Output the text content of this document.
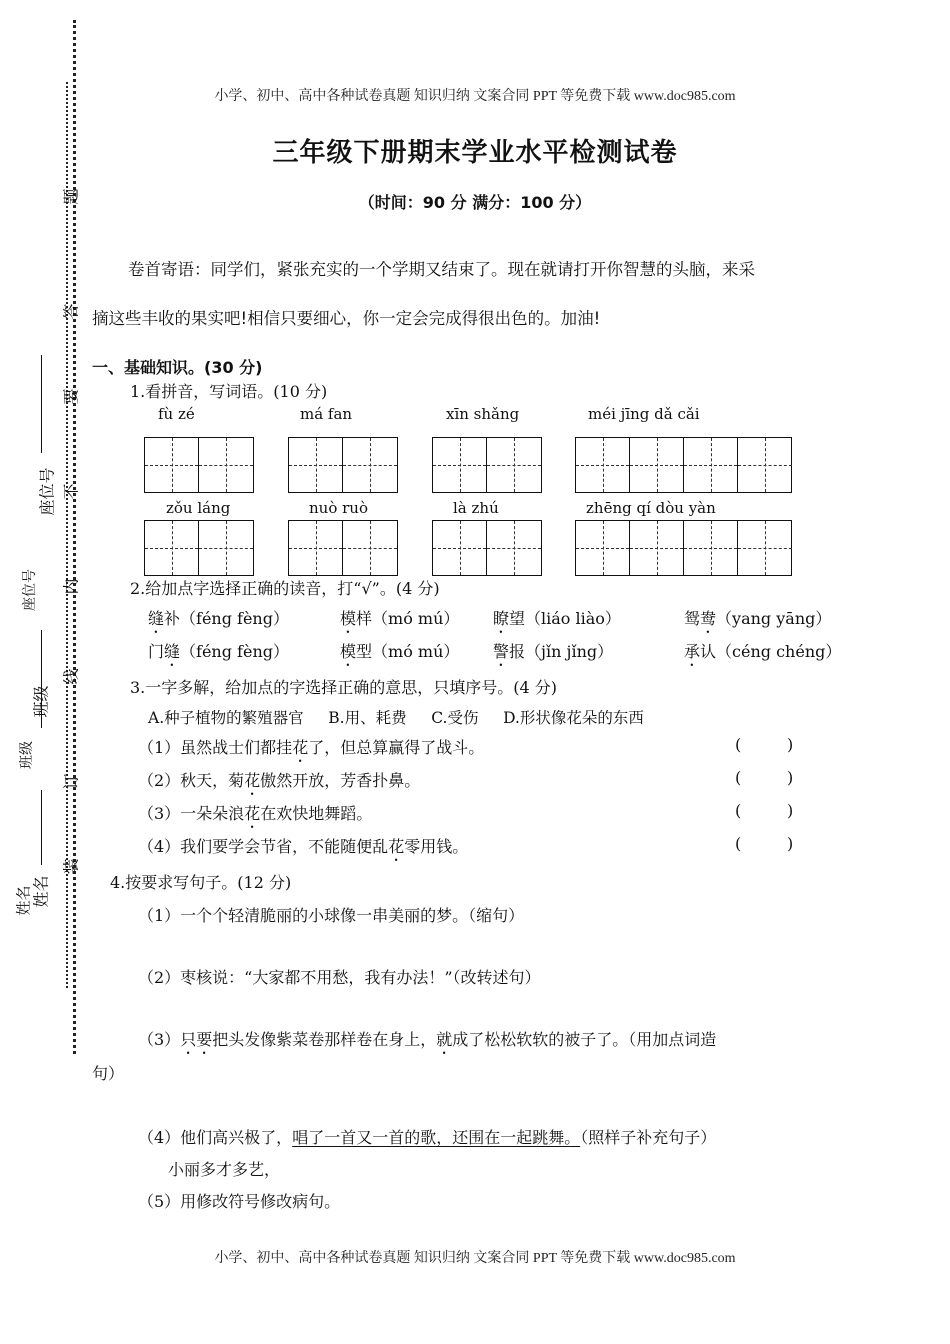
题
答
要
不
内
线
订
装
座位号
班级
姓名
座位号
班级
姓名
小学、初中、高中各种试卷真题 知识归纳 文案合同 PPT 等免费下载 www.doc985.com
小学、初中、高中各种试卷真题 知识归纳 文案合同 PPT 等免费下载 www.doc985.com
三年级下册期末学业水平检测试卷
（时间：90 分 满分：100 分）
卷首寄语：同学们，紧张充实的一个学期又结束了。现在就请打开你智慧的头脑，来采
摘这些丰收的果实吧!相信只要细心，你一定会完成得很出色的。加油!
一、基础知识。(30 分)
1.看拼音，写词语。(10 分)
fù zé	má fan	xīn shǎng	méi jīng dǎ cǎi
zǒu láng	nuò ruò	là zhú	zhēng qí dòu yàn
2.给加点字选择正确的读音，打“√”。(4 分)
缝补（féng fèng）	模样（mó mú） 瞭望（liáo liào）	鸳鸯（yang yāng）
门缝（féng fèng）	模型（mó mú） 警报（jǐn jǐng）	承认（céng chéng）
3.一字多解，给加点的字选择正确的意思，只填序号。(4 分)
A.种子植物的繁殖器官     B.用、耗费     C.受伤     D.形状像花朵的东西
（1）虽然战士们都挂花了，但总算赢得了战斗。	(         )
（2）秋天，菊花傲然开放，芳香扑鼻。	(         )
（3）一朵朵浪花在欢快地舞蹈。	(         )
（4）我们要学会节省，不能随便乱花零用钱。	(         )
4.按要求写句子。(12 分)
（1）一个个轻清脆丽的小球像一串美丽的梦。（缩句）
（2）枣核说：“大家都不用愁，我有办法！”（改转述句）
（3）只要把头发像紫菜卷那样卷在身上，就成了松松软软的被子了。（用加点词造
句）
（4）他们高兴极了，唱了一首又一首的歌，还围在一起跳舞。（照样子补充句子）
小丽多才多艺，
（5）用修改符号修改病句。
